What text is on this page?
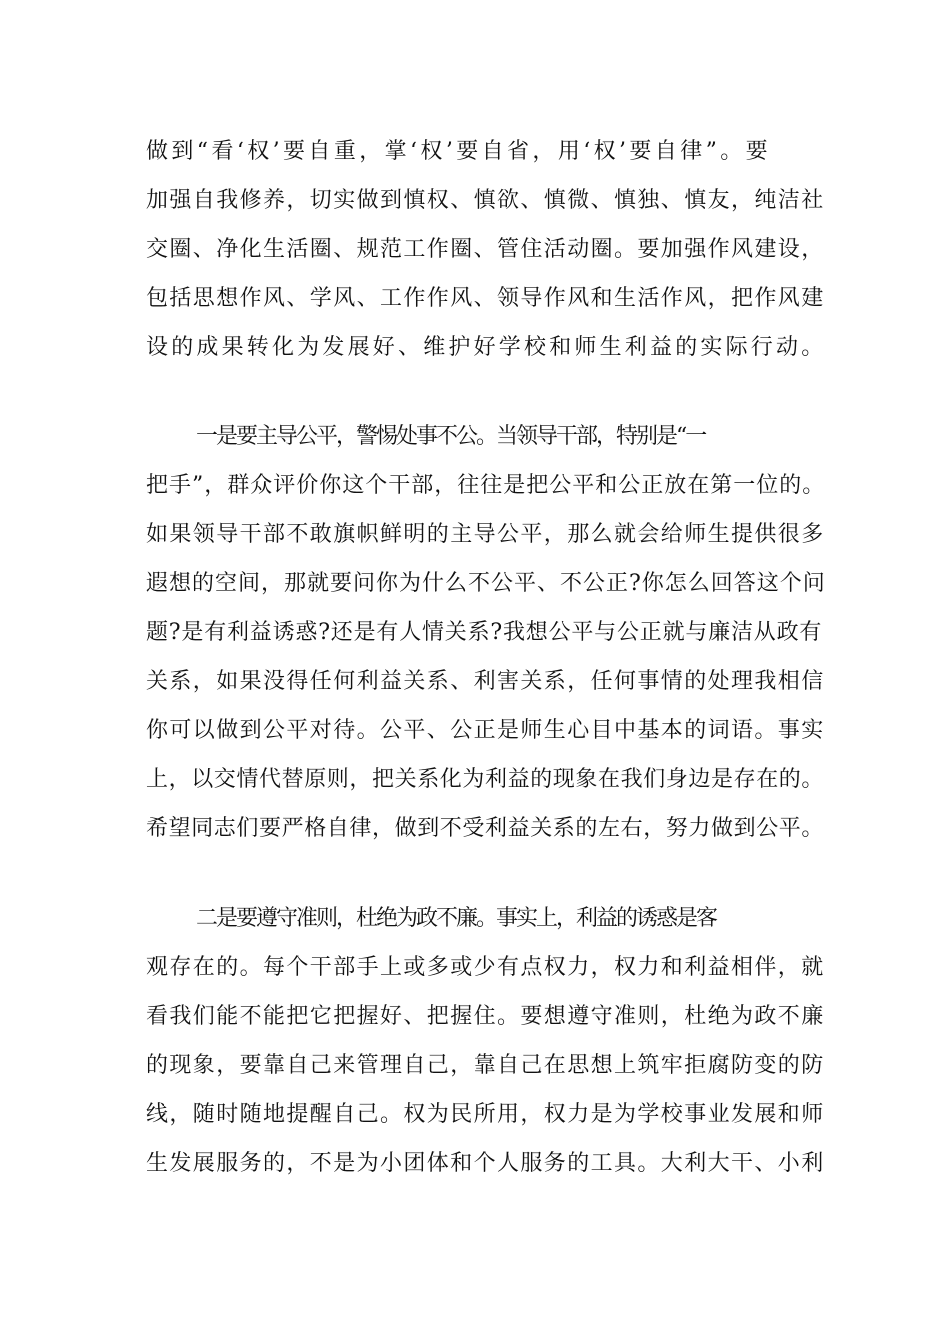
做到“看‘权’要自重，掌‘权’要自省，用‘权’要自律”。要
加强自我修养，切实做到慎权、慎欲、慎微、慎独、慎友，纯洁社
交圈、净化生活圈、规范工作圈、管住活动圈。要加强作风建设，
包括思想作风、学风、工作作风、领导作风和生活作风，把作风建
设的成果转化为发展好、维护好学校和师生利益的实际行动。
一是要主导公平，警惕处事不公。当领导干部，特别是“一
把手”，群众评价你这个干部，往往是把公平和公正放在第一位的。
如果领导干部不敢旗帜鲜明的主导公平，那么就会给师生提供很多
遐想的空间，那就要问你为什么不公平、不公正?你怎么回答这个问
题?是有利益诱惑?还是有人情关系?我想公平与公正就与廉洁从政有
关系，如果没得任何利益关系、利害关系，任何事情的处理我相信
你可以做到公平对待。公平、公正是师生心目中基本的词语。事实
上，以交情代替原则，把关系化为利益的现象在我们身边是存在的。
希望同志们要严格自律，做到不受利益关系的左右，努力做到公平。
二是要遵守准则，杜绝为政不廉。事实上，利益的诱惑是客
观存在的。每个干部手上或多或少有点权力，权力和利益相伴，就
看我们能不能把它把握好、把握住。要想遵守准则，杜绝为政不廉
的现象，要靠自己来管理自己，靠自己在思想上筑牢拒腐防变的防
线，随时随地提醒自己。权为民所用，权力是为学校事业发展和师
生发展服务的，不是为小团体和个人服务的工具。大利大干、小利
